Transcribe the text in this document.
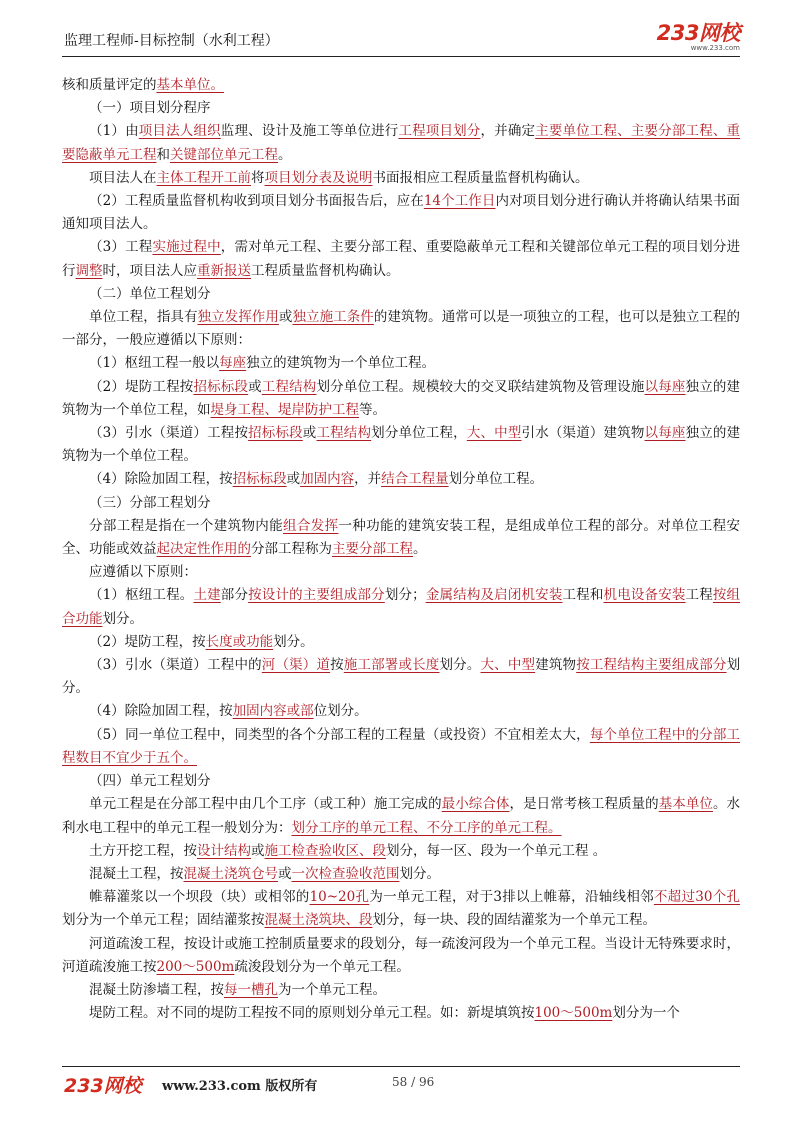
监理工程师-目标控制（水利工程）	233网校
www.233.com

核和质量评定的基本单位。

（一）项目划分程序

（1）由项目法人组织监理、设计及施工等单位进行工程项目划分，并确定主要单位工程、主要分部工程、重要隐蔽单元工程和关键部位单元工程。

项目法人在主体工程开工前将项目划分表及说明书面报相应工程质量监督机构确认。

（2）工程质量监督机构收到项目划分书面报告后，应在14个工作日内对项目划分进行确认并将确认结果书面通知项目法人。

（3）工程实施过程中，需对单元工程、主要分部工程、重要隐蔽单元工程和关键部位单元工程的项目划分进行调整时，项目法人应重新报送工程质量监督机构确认。

（二）单位工程划分

单位工程，指具有独立发挥作用或独立施工条件的建筑物。通常可以是一项独立的工程，也可以是独立工程的一部分，一般应遵循以下原则：

（1）枢纽工程一般以每座独立的建筑物为一个单位工程。

（2）堤防工程按招标标段或工程结构划分单位工程。规模较大的交叉联结建筑物及管理设施以每座独立的建筑物为一个单位工程，如堤身工程、堤岸防护工程等。

（3）引水（渠道）工程按招标标段或工程结构划分单位工程，大、中型引水（渠道）建筑物以每座独立的建筑物为一个单位工程。

（4）除险加固工程，按招标标段或加固内容，并结合工程量划分单位工程。

（三）分部工程划分

分部工程是指在一个建筑物内能组合发挥一种功能的建筑安装工程，是组成单位工程的部分。对单位工程安全、功能或效益起决定性作用的分部工程称为主要分部工程。

应遵循以下原则：

（1）枢纽工程。土建部分按设计的主要组成部分划分；金属结构及启闭机安装工程和机电设备安装工程按组合功能划分。

（2）堤防工程，按长度或功能划分。

（3）引水（渠道）工程中的河（渠）道按施工部署或长度划分。大、中型建筑物按工程结构主要组成部分划分。

（4）除险加固工程，按加固内容或部位划分。

（5）同一单位工程中，同类型的各个分部工程的工程量（或投资）不宜相差太大，每个单位工程中的分部工程数目不宜少于五个。

（四）单元工程划分

单元工程是在分部工程中由几个工序（或工种）施工完成的最小综合体，是日常考核工程质量的基本单位。水利水电工程中的单元工程一般划分为：划分工序的单元工程、不分工序的单元工程。

土方开挖工程，按设计结构或施工检查验收区、段划分，每一区、段为一个单元工程 。

混凝土工程，按混凝土浇筑仓号或一次检查验收范围划分。

帷幕灌浆以一个坝段（块）或相邻的10~20孔为一单元工程，对于3排以上帷幕，沿轴线相邻不超过30个孔划分为一个单元工程；固结灌浆按混凝土浇筑块、段划分，每一块、段的固结灌浆为一个单元工程。

河道疏浚工程，按设计或施工控制质量要求的段划分，每一疏浚河段为一个单元工程。当设计无特殊要求时，河道疏浚施工按200～500m疏浚段划分为一个单元工程。

混凝土防渗墙工程，按每一槽孔为一个单元工程。

堤防工程。对不同的堤防工程按不同的原则划分单元工程。如：新堤填筑按100～500m划分为一个

233网校 www.233.com 版权所有	58 / 96
